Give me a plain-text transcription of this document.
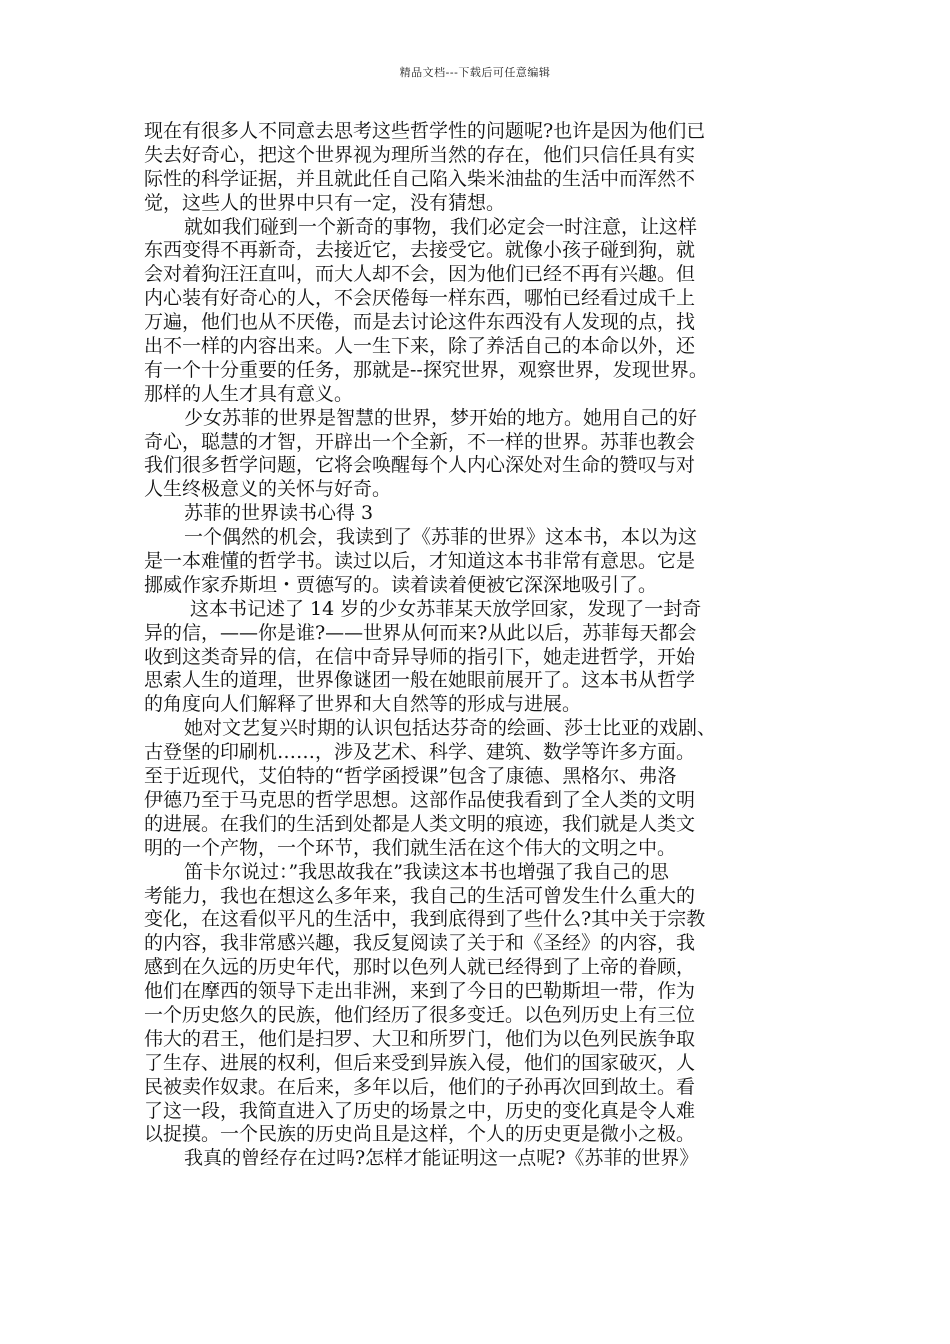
精品文档---下载后可任意编辑
现在有很多人不同意去思考这些哲学性的问题呢?也许是因为他们已
失去好奇心，把这个世界视为理所当然的存在，他们只信任具有实
际性的科学证据，并且就此任自己陷入柴米油盐的生活中而浑然不
觉，这些人的世界中只有一定，没有猜想。
就如我们碰到一个新奇的事物，我们必定会一时注意，让这样
东西变得不再新奇，去接近它，去接受它。就像小孩子碰到狗，就
会对着狗汪汪直叫，而大人却不会，因为他们已经不再有兴趣。但
内心装有好奇心的人，不会厌倦每一样东西，哪怕已经看过成千上
万遍，他们也从不厌倦，而是去讨论这件东西没有人发现的点，找
出不一样的内容出来。人一生下来，除了养活自己的本命以外，还
有一个十分重要的任务，那就是--探究世界，观察世界，发现世界。
那样的人生才具有意义。
少女苏菲的世界是智慧的世界，梦开始的地方。她用自己的好
奇心，聪慧的才智，开辟出一个全新，不一样的世界。苏菲也教会
我们很多哲学问题，它将会唤醒每个人内心深处对生命的赞叹与对
人生终极意义的关怀与好奇。
苏菲的世界读书心得 3
一个偶然的机会，我读到了《苏菲的世界》这本书，本以为这
是一本难懂的哲学书。读过以后，才知道这本书非常有意思。它是
挪威作家乔斯坦・贾德写的。读着读着便被它深深地吸引了。
这本书记述了 14 岁的少女苏菲某天放学回家，发现了一封奇
异的信，——你是谁?——世界从何而来?从此以后，苏菲每天都会
收到这类奇异的信，在信中奇异导师的指引下，她走进哲学，开始
思索人生的道理，世界像谜团一般在她眼前展开了。这本书从哲学
的角度向人们解释了世界和大自然等的形成与进展。
她对文艺复兴时期的认识包括达芬奇的绘画、莎士比亚的戏剧、
古登堡的印刷机……，涉及艺术、科学、建筑、数学等许多方面。
至于近现代，艾伯特的“哲学函授课”包含了康德、黑格尔、弗洛
伊德乃至于马克思的哲学思想。这部作品使我看到了全人类的文明
的进展。在我们的生活到处都是人类文明的痕迹，我们就是人类文
明的一个产物，一个环节，我们就生活在这个伟大的文明之中。
笛卡尔说过：”我思故我在”我读这本书也增强了我自己的思
考能力，我也在想这么多年来，我自己的生活可曾发生什么重大的
变化，在这看似平凡的生活中，我到底得到了些什么?其中关于宗教
的内容，我非常感兴趣，我反复阅读了关于和《圣经》的内容，我
感到在久远的历史年代，那时以色列人就已经得到了上帝的眷顾，
他们在摩西的领导下走出非洲，来到了今日的巴勒斯坦一带，作为
一个历史悠久的民族，他们经历了很多变迁。以色列历史上有三位
伟大的君王，他们是扫罗、大卫和所罗门，他们为以色列民族争取
了生存、进展的权利，但后来受到异族入侵，他们的国家破灭，人
民被卖作奴隶。在后来，多年以后，他们的子孙再次回到故土。看
了这一段，我简直进入了历史的场景之中，历史的变化真是令人难
以捉摸。一个民族的历史尚且是这样，个人的历史更是微小之极。
我真的曾经存在过吗?怎样才能证明这一点呢?《苏菲的世界》
